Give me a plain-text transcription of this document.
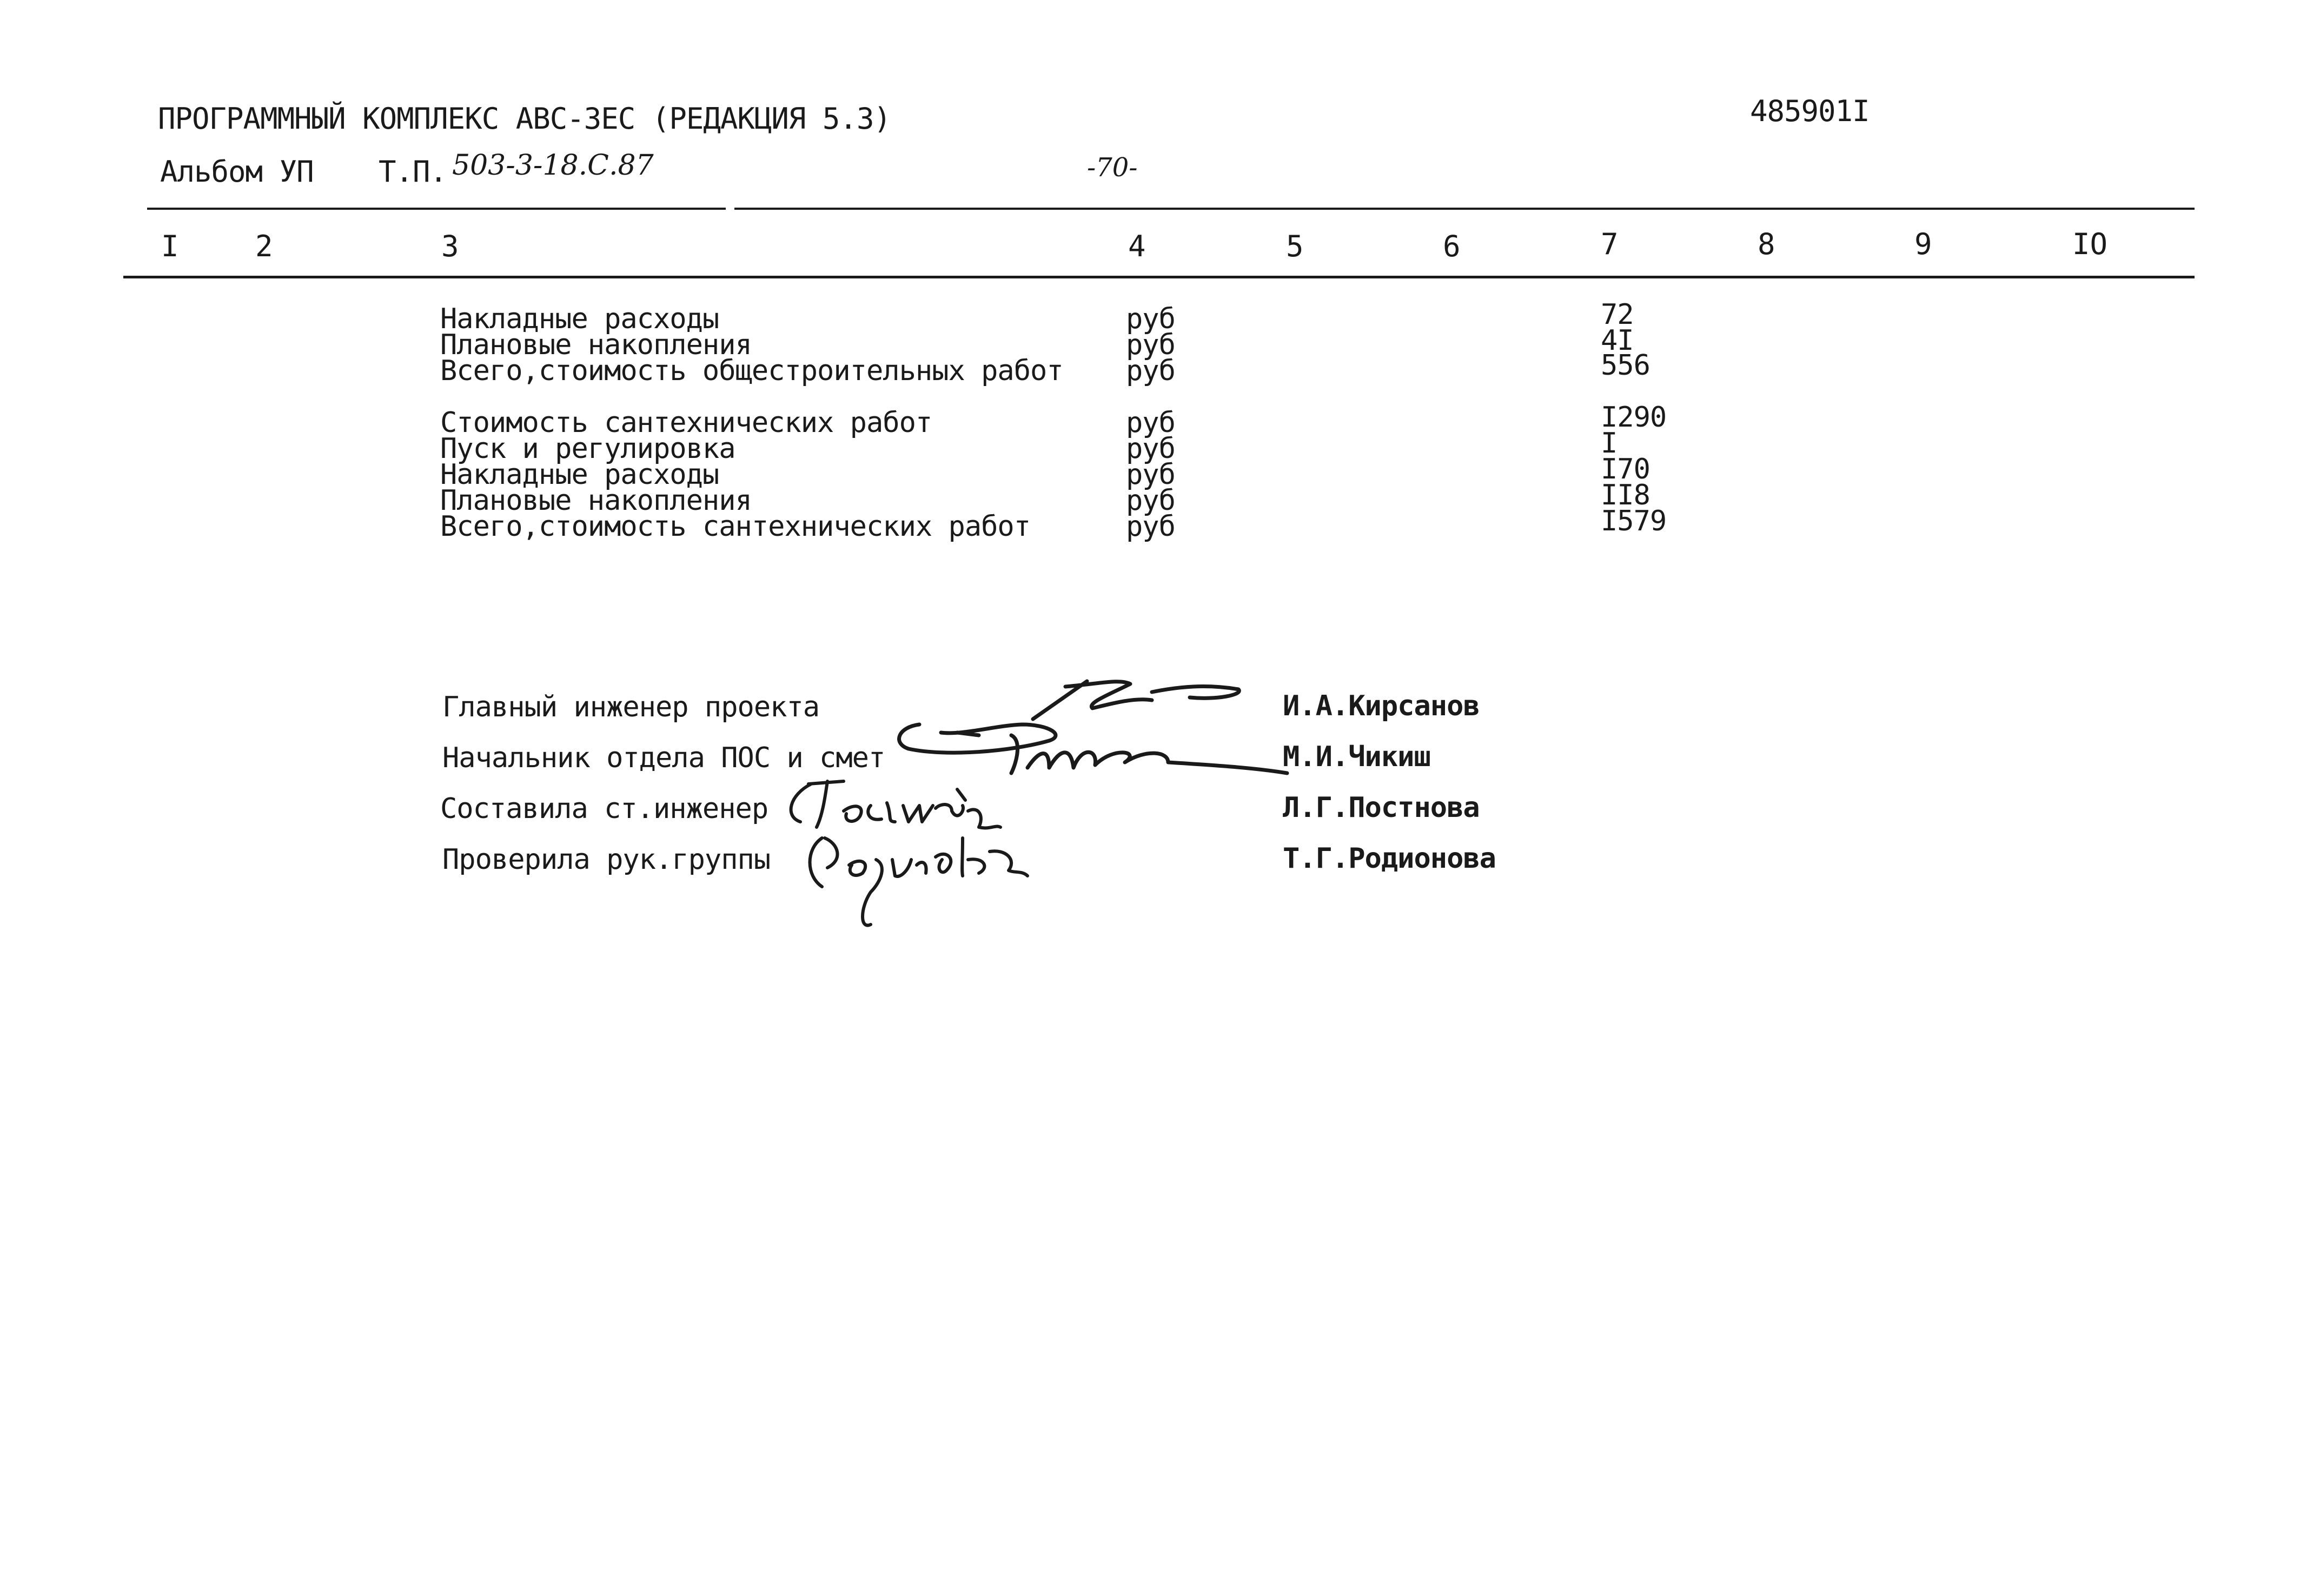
ПРОГРАММНЫЙ КОМПЛЕКС АВС-ЗЕС (РЕДАКЦИЯ 5.3)	485901I
Альбом УП Т.П. 503-3-18.С.87	-70-
I	2	3	4	5	6	7	8	9	IO
Накладные расходы	руб	72
Плановые накопления	руб	4I
Всего,стоимость общестроительных работ руб	556
Стоимость сантехнических работ	руб	I290
Пуск и регулировка	руб	I
Накладные расходы	руб	I70
Плановые накопления	руб	II8
Всего,стоимость сантехнических работ	руб	I579
Главный инженер проекта	И.А.Кирсанов
Начальник отдела ПОС и смет	М.И.Чикиш
Составила ст.инженер	Л.Г.Постнова
Проверила рук.группы	Т.Г.Родионова
